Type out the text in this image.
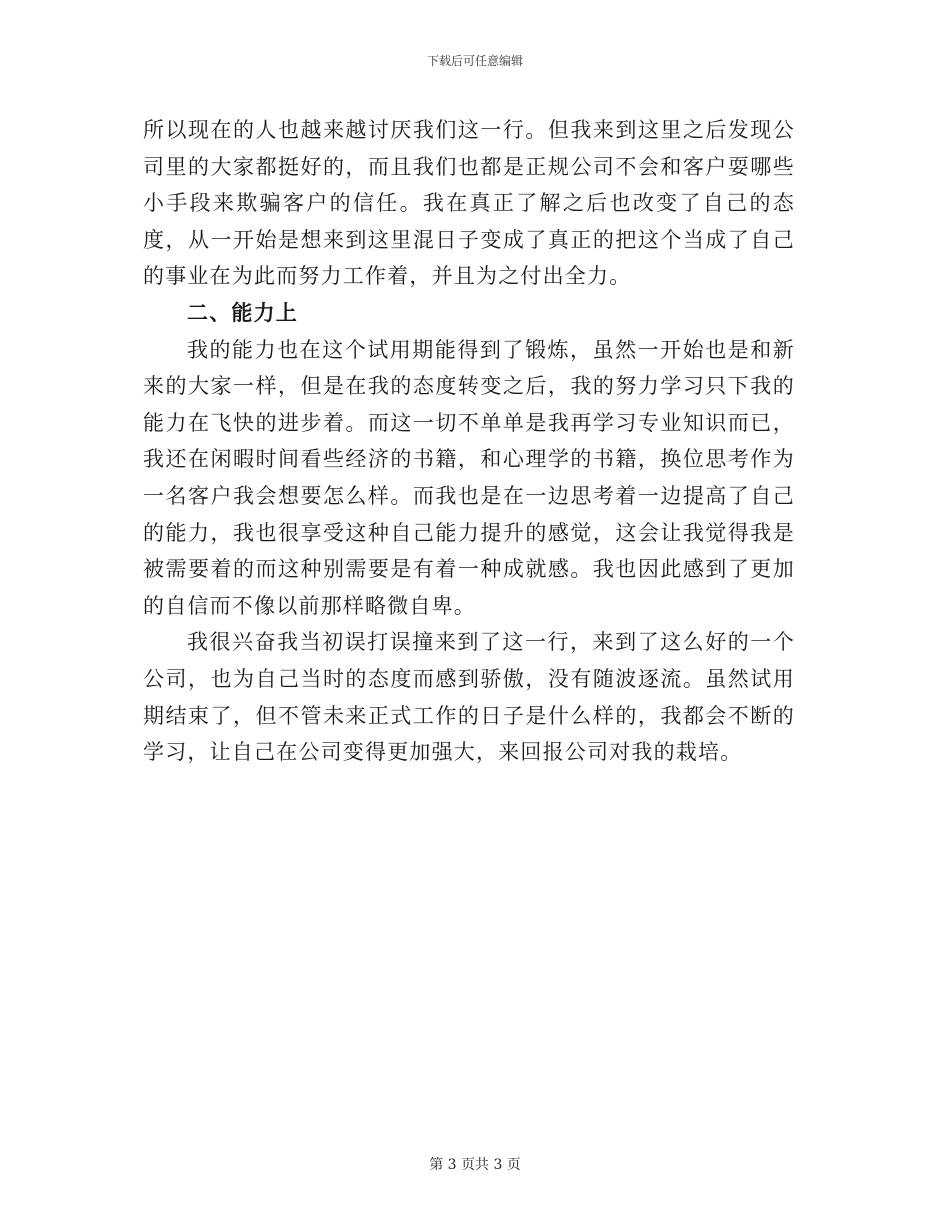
下载后可任意编辑

所以现在的人也越来越讨厌我们这一行。但我来到这里之后发现公司里的大家都挺好的，而且我们也都是正规公司不会和客户耍哪些小手段来欺骗客户的信任。我在真正了解之后也改变了自己的态度，从一开始是想来到这里混日子变成了真正的把这个当成了自己的事业在为此而努力工作着，并且为之付出全力。

二、能力上

我的能力也在这个试用期能得到了锻炼，虽然一开始也是和新来的大家一样，但是在我的态度转变之后，我的努力学习只下我的能力在飞快的进步着。而这一切不单单是我再学习专业知识而已，我还在闲暇时间看些经济的书籍，和心理学的书籍，换位思考作为一名客户我会想要怎么样。而我也是在一边思考着一边提高了自己的能力，我也很享受这种自己能力提升的感觉，这会让我觉得我是被需要着的而这种别需要是有着一种成就感。我也因此感到了更加的自信而不像以前那样略微自卑。

我很兴奋我当初误打误撞来到了这一行，来到了这么好的一个公司，也为自己当时的态度而感到骄傲，没有随波逐流。虽然试用期结束了，但不管未来正式工作的日子是什么样的，我都会不断的学习，让自己在公司变得更加强大，来回报公司对我的栽培。

第 3 页共 3 页
